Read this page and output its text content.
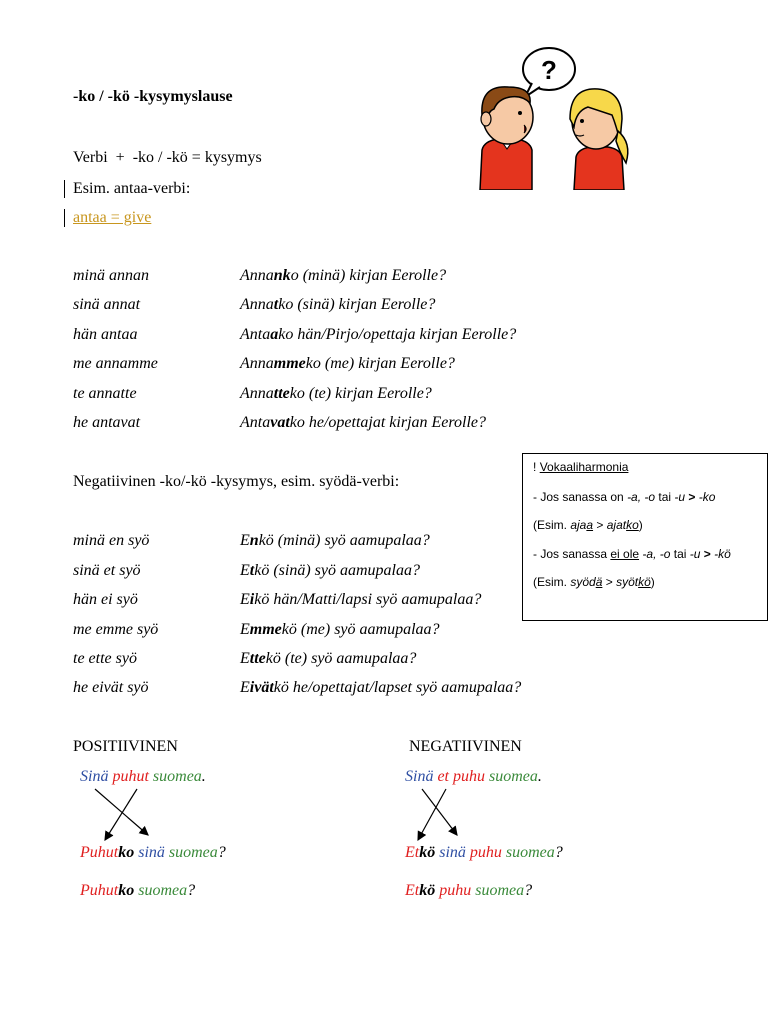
-ko / -kö -kysymyslause
Verbi + -ko / -kö = kysymys
Esim. antaa-verbi:
antaa = give
minä annan	Annanko (minä) kirjan Eerolle?
sinä annat	Annatko (sinä) kirjan Eerolle?
hän antaa	Antaako hän/Pirjo/opettaja kirjan Eerolle?
me annamme	Annammeko (me) kirjan Eerolle?
te annatte	Annatteko (te) kirjan Eerolle?
he antavat	Antavatko he/opettajat kirjan Eerolle?
Negatiivinen -ko/-kö -kysymys, esim. syödä-verbi:
minä en syö	Enkö (minä) syö aamupalaa?
sinä et syö	Etkö (sinä) syö aamupalaa?
hän ei syö	Eikö hän/Matti/lapsi syö aamupalaa?
me emme syö	Emmekö (me) syö aamupalaa?
te ette syö	Ettekö (te) syö aamupalaa?
he eivät syö	Eivätkö he/opettajat/lapset syö aamupalaa?
! Vokaaliharmonia
- Jos sanassa on -a, -o tai -u > -ko
(Esim. ajaa > ajatko)
- Jos sanassa ei ole -a, -o tai -u > -kö
(Esim. syödä > syötkö)
POSITIIVINEN	NEGATIIVINEN
Sinä puhut suomea.
Puhutko sinä suomea?
Puhutko suomea?
Sinä et puhu suomea.
Etkö sinä puhu suomea?
Etkö puhu suomea?
?
